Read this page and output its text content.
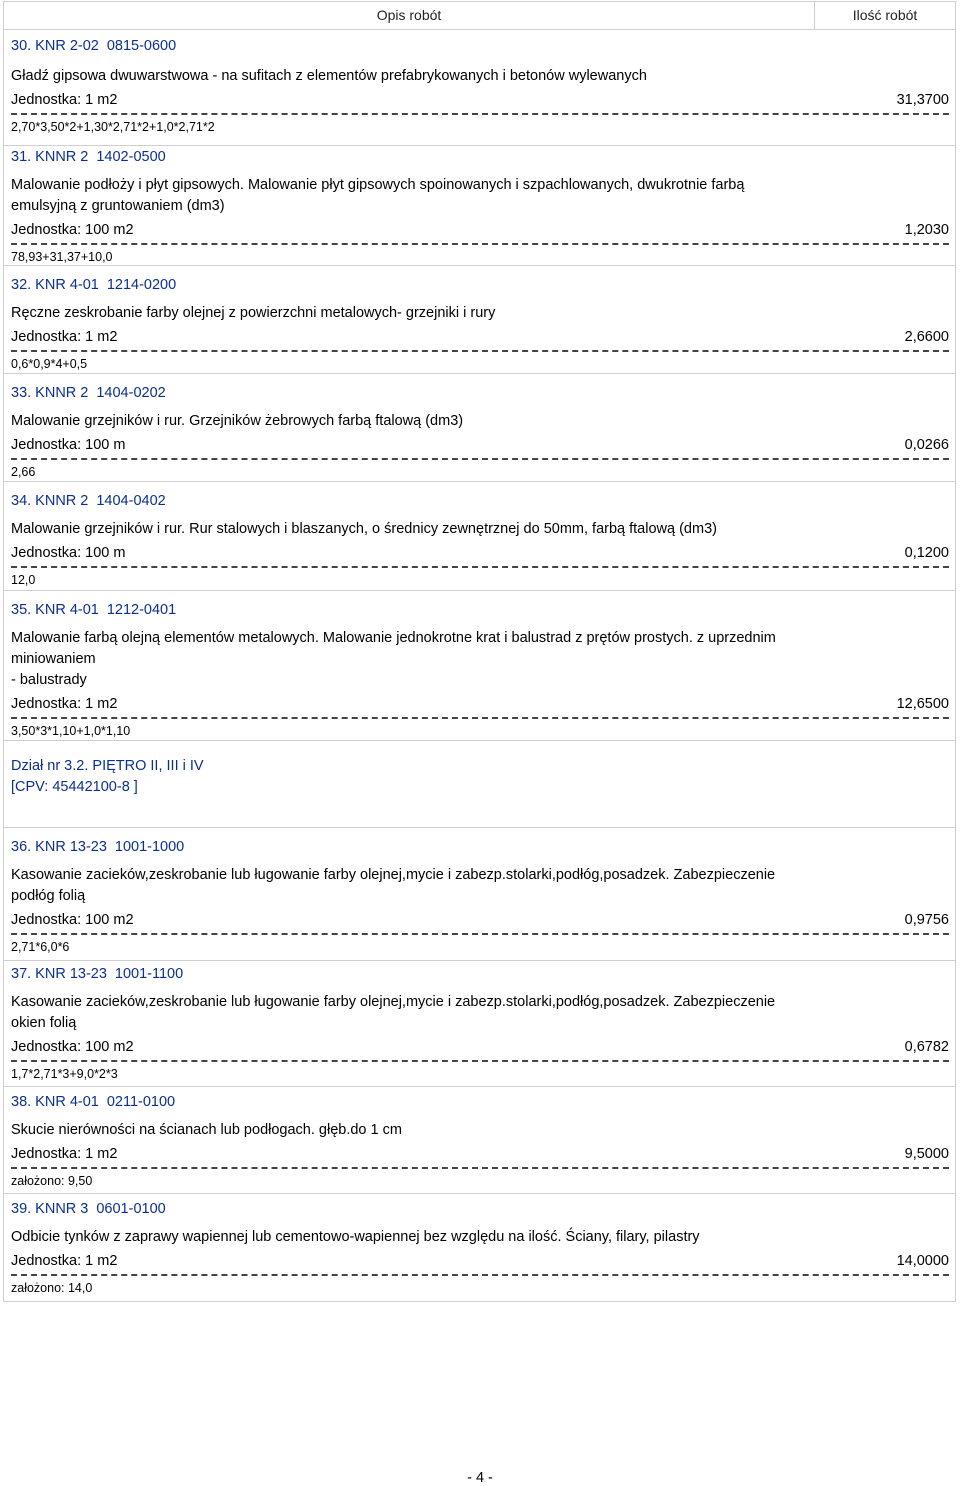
Opis robót	Ilość robót
30. KNR 2-02 0815-0600
Gładź gipsowa dwuwarstwowa - na sufitach z elementów prefabrykowanych i betonów wylewanych
Jednostka: 1 m2	31,3700
2,70*3,50*2+1,30*2,71*2+1,0*2,71*2
31. KNNR 2 1402-0500
Malowanie podłoży i płyt gipsowych. Malowanie płyt gipsowych spoinowanych i szpachlowanych, dwukrotnie farbą
emulsyjną z gruntowaniem (dm3)
Jednostka: 100 m2	1,2030
78,93+31,37+10,0
32. KNR 4-01 1214-0200
Ręczne zeskrobanie farby olejnej z powierzchni metalowych- grzejniki i rury
Jednostka: 1 m2	2,6600
0,6*0,9*4+0,5
33. KNNR 2 1404-0202
Malowanie grzejników i rur. Grzejników żebrowych farbą ftalową (dm3)
Jednostka: 100 m	0,0266
2,66
34. KNNR 2 1404-0402
Malowanie grzejników i rur. Rur stalowych i blaszanych, o średnicy zewnętrznej do 50mm, farbą ftalową (dm3)
Jednostka: 100 m	0,1200
12,0
35. KNR 4-01 1212-0401
Malowanie farbą olejną elementów metalowych. Malowanie jednokrotne krat i balustrad z prętów prostych. z uprzednim
miniowaniem
- balustrady
Jednostka: 1 m2	12,6500
3,50*3*1,10+1,0*1,10
Dział nr 3.2. PIĘTRO II, III i IV
[CPV: 45442100-8 ]
36. KNR 13-23 1001-1000
Kasowanie zacieków,zeskrobanie lub ługowanie farby olejnej,mycie i zabezp.stolarki,podłóg,posadzek. Zabezpieczenie
podłóg folią
Jednostka: 100 m2	0,9756
2,71*6,0*6
37. KNR 13-23 1001-1100
Kasowanie zacieków,zeskrobanie lub ługowanie farby olejnej,mycie i zabezp.stolarki,podłóg,posadzek. Zabezpieczenie
okien folią
Jednostka: 100 m2	0,6782
1,7*2,71*3+9,0*2*3
38. KNR 4-01 0211-0100
Skucie nierówności na ścianach lub podłogach. głęb.do 1 cm
Jednostka: 1 m2	9,5000
założono: 9,50
39. KNNR 3 0601-0100
Odbicie tynków z zaprawy wapiennej lub cementowo-wapiennej bez względu na ilość. Ściany, filary, pilastry
Jednostka: 1 m2	14,0000
założono: 14,0
- 4 -
